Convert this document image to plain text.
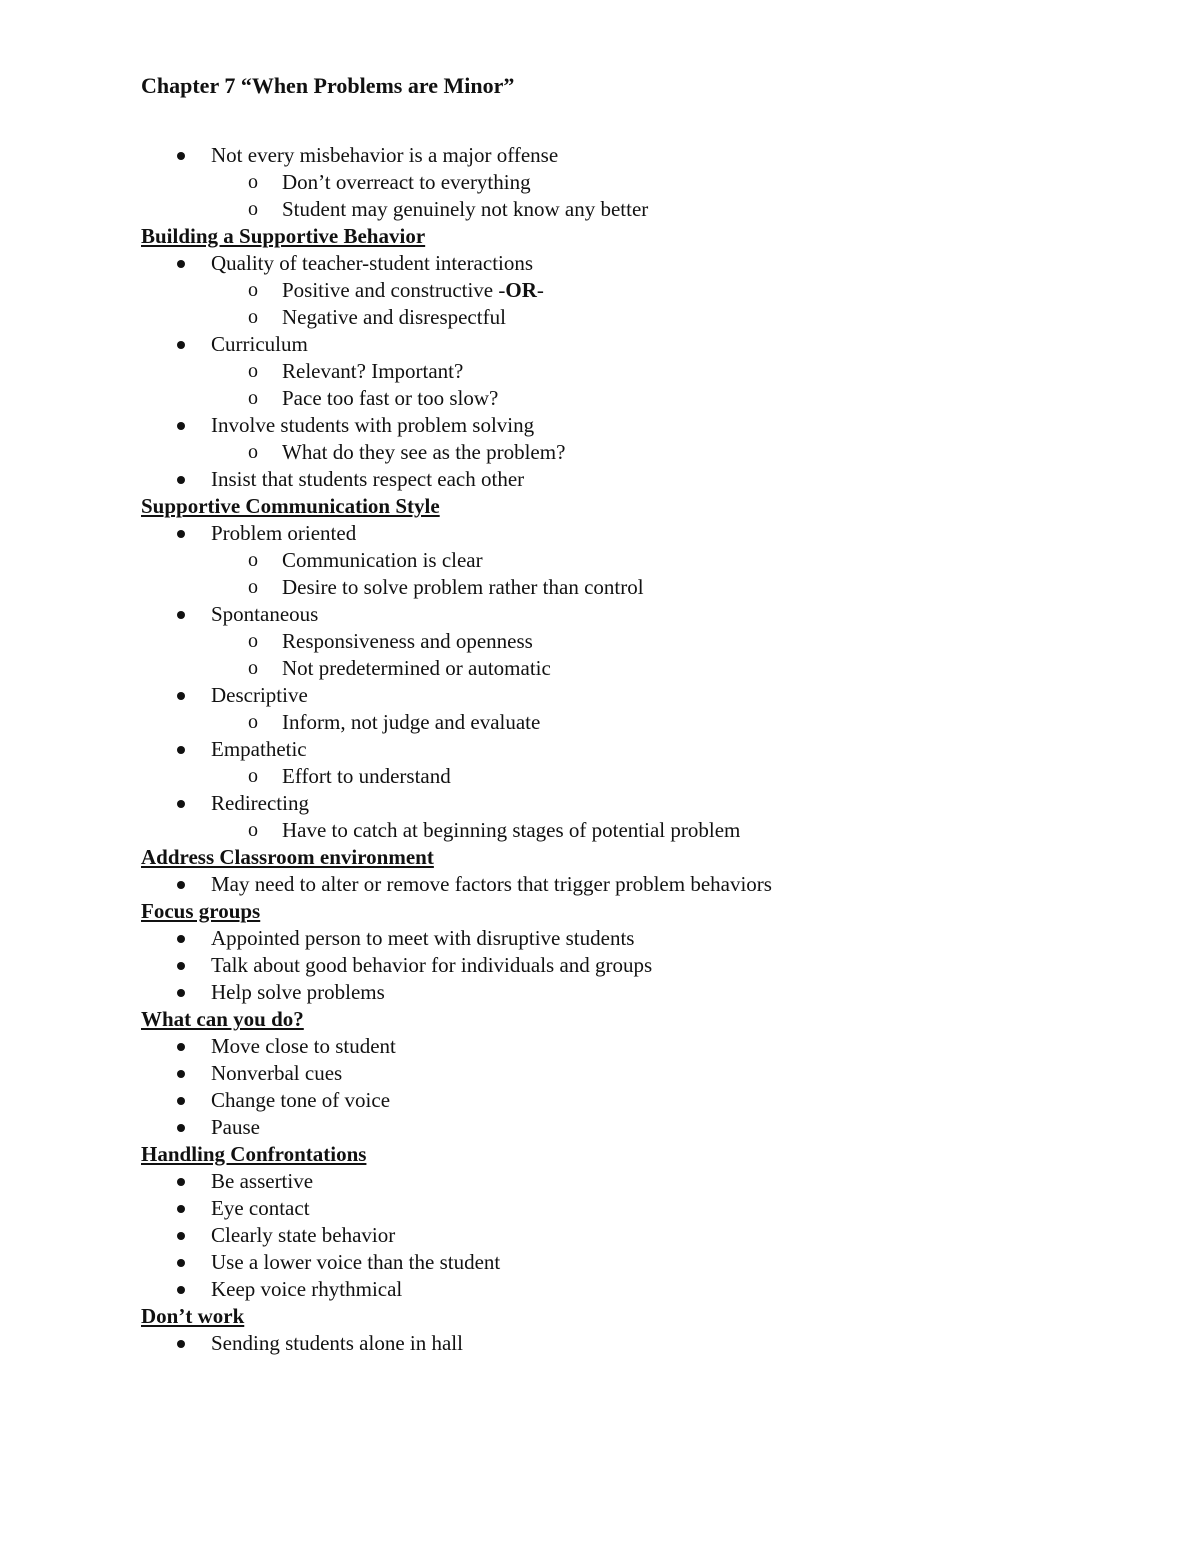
Chapter 7 “When Problems are Minor”
Not every misbehavior is a major offense
o Don’t overreact to everything
o Student may genuinely not know any better
Building a Supportive Behavior
Quality of teacher-student interactions
o Positive and constructive -OR-
o Negative and disrespectful
Curriculum
o Relevant? Important?
o Pace too fast or too slow?
Involve students with problem solving
o What do they see as the problem?
Insist that students respect each other
Supportive Communication Style
Problem oriented
o Communication is clear
o Desire to solve problem rather than control
Spontaneous
o Responsiveness and openness
o Not predetermined or automatic
Descriptive
o Inform, not judge and evaluate
Empathetic
o Effort to understand
Redirecting
o Have to catch at beginning stages of potential problem
Address Classroom environment
May need to alter or remove factors that trigger problem behaviors
Focus groups
Appointed person to meet with disruptive students
Talk about good behavior for individuals and groups
Help solve problems
What can you do?
Move close to student
Nonverbal cues
Change tone of voice
Pause
Handling Confrontations
Be assertive
Eye contact
Clearly state behavior
Use a lower voice than the student
Keep voice rhythmical
Don’t work
Sending students alone in hall
